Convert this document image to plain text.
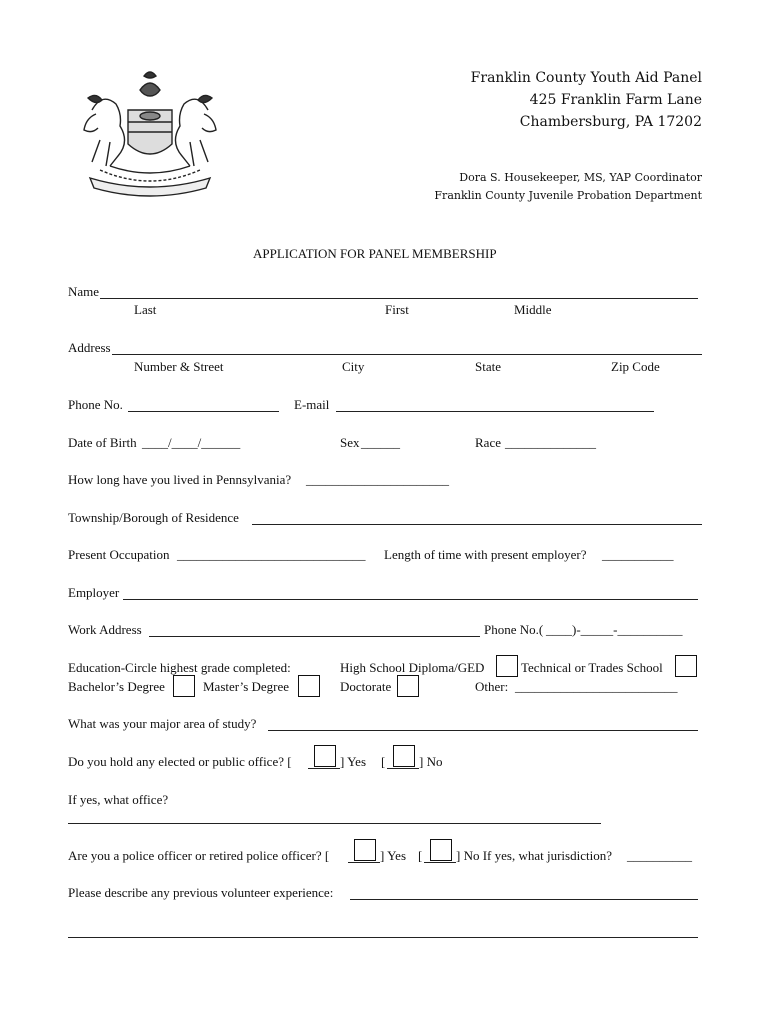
Franklin County Youth Aid Panel
425 Franklin Farm Lane
Chambersburg, PA 17202
Dora S. Housekeeper, MS, YAP Coordinator
Franklin County Juvenile Probation Department
APPLICATION FOR PANEL MEMBERSHIP
Name
Last	First	Middle
Address
Number & Street	City	State	Zip Code
Phone No.	E-mail
Date of Birth ____/____/______	Sex ______	Race ______________
How long have you lived in Pennsylvania? ______________________
Township/Borough of Residence
Present Occupation _____________________________ Length of time with present employer? ___________
Employer
Work Address	Phone No.( ____)-_____-__________
Education-Circle highest grade completed:	High School Diploma/GED	Technical or Trades School
Bachelor’s Degree	Master’s Degree	Doctorate	Other: _________________________
What was your major area of study?
Do you hold any elected or public office? [	] Yes [	] No
If yes, what office?
Are you a police officer or retired police officer? [	] Yes [	] No If yes, what jurisdiction? __________
Please describe any previous volunteer experience:
